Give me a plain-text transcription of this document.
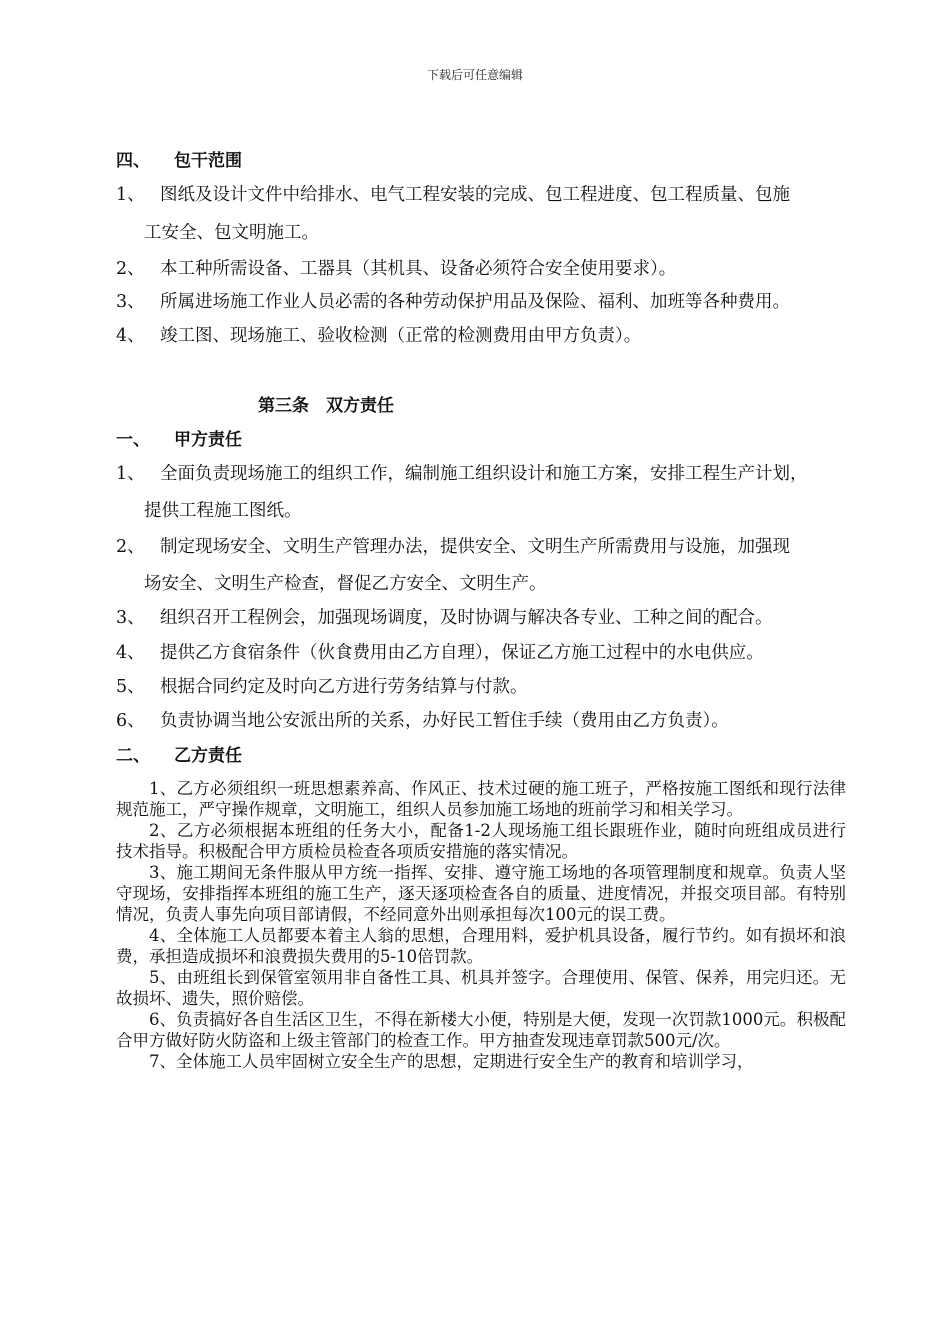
下载后可任意编辑
四、 包干范围
1、 图纸及设计文件中给排水、电气工程安装的完成、包工程进度、包工程质量、包施
工安全、包文明施工。
2、 本工种所需设备、工器具（其机具、设备必须符合安全使用要求）。
3、 所属进场施工作业人员必需的各种劳动保护用品及保险、福利、加班等各种费用。
4、 竣工图、现场施工、验收检测（正常的检测费用由甲方负责）。
第三条　双方责任
一、 甲方责任
1、 全面负责现场施工的组织工作，编制施工组织设计和施工方案，安排工程生产计划，
提供工程施工图纸。
2、 制定现场安全、文明生产管理办法，提供安全、文明生产所需费用与设施，加强现
场安全、文明生产检查，督促乙方安全、文明生产。
3、 组织召开工程例会，加强现场调度，及时协调与解决各专业、工种之间的配合。
4、 提供乙方食宿条件（伙食费用由乙方自理），保证乙方施工过程中的水电供应。
5、 根据合同约定及时向乙方进行劳务结算与付款。
6、 负责协调当地公安派出所的关系，办好民工暂住手续（费用由乙方负责）。
二、 乙方责任

1、乙方必须组织一班思想素养高、作风正、技术过硬的施工班子，严格按施工图纸和现行法律规范施工，严守操作规章，文明施工，组织人员参加施工场地的班前学习和相关学习。

2、乙方必须根据本班组的任务大小，配备1-2人现场施工组长跟班作业，随时向班组成员进行技术指导。积极配合甲方质检员检查各项质安措施的落实情况。

3、施工期间无条件服从甲方统一指挥、安排、遵守施工场地的各项管理制度和规章。负责人坚守现场，安排指挥本班组的施工生产，逐天逐项检查各自的质量、进度情况，并报交项目部。有特别情况，负责人事先向项目部请假，不经同意外出则承担每次100元的误工费。

4、全体施工人员都要本着主人翁的思想，合理用料，爱护机具设备，履行节约。如有损坏和浪费，承担造成损坏和浪费损失费用的5-10倍罚款。

5、由班组长到保管室领用非自备性工具、机具并签字。合理使用、保管、保养，用完归还。无故损坏、遗失，照价赔偿。

6、负责搞好各自生活区卫生，不得在新楼大小便，特别是大便，发现一次罚款1000元。积极配合甲方做好防火防盗和上级主管部门的检查工作。甲方抽查发现违章罚款500元/次。

7、全体施工人员牢固树立安全生产的思想，定期进行安全生产的教育和培训学习，
